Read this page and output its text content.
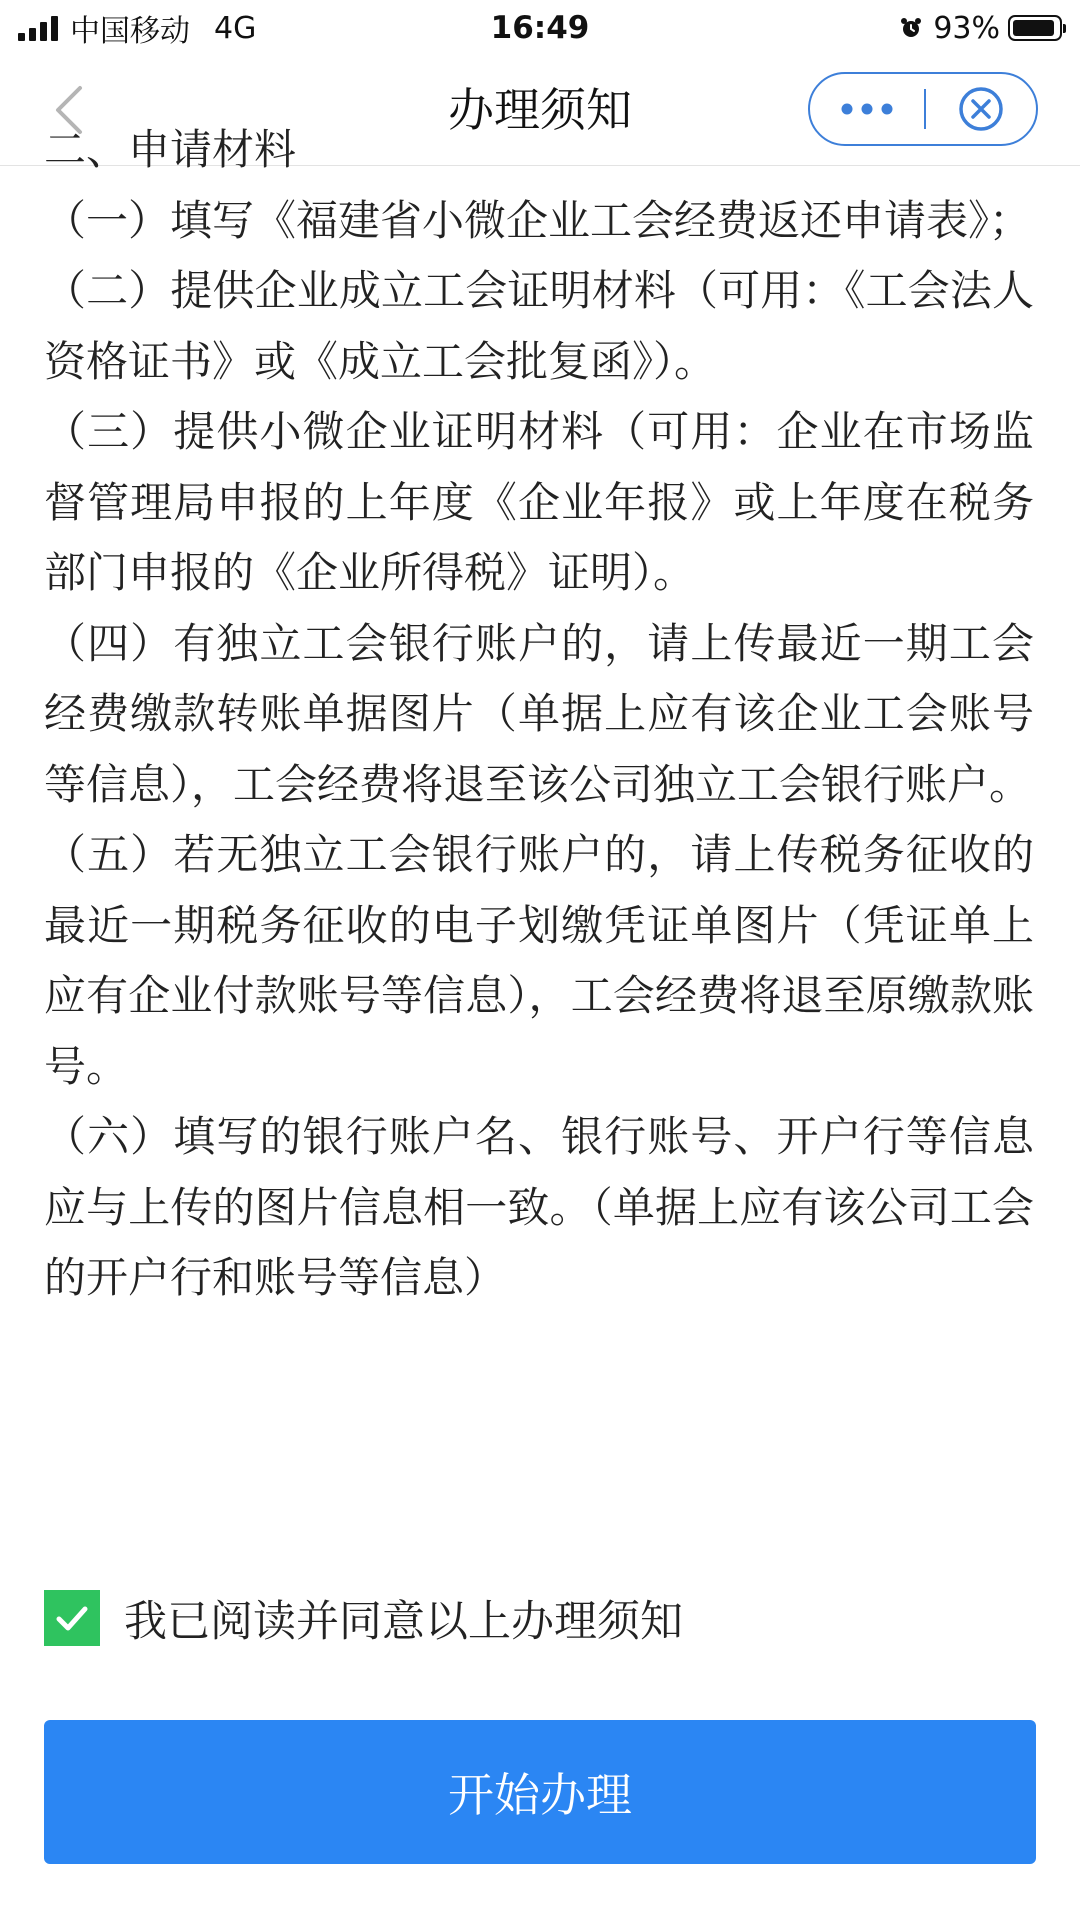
中国移动 4G	16:49	93%
办理须知

二、申请材料

（一）填写《福建省小微企业工会经费返还申请表》；

（二）提供企业成立工会证明材料（可用：《工会法人资格证书》或《成立工会批复函》）。

（三）提供小微企业证明材料（可用：企业在市场监督管理局申报的上年度《企业年报》或上年度在税务部门申报的《企业所得税》证明）。

（四）有独立工会银行账户的，请上传最近一期工会经费缴款转账单据图片（单据上应有该企业工会账号等信息），工会经费将退至该公司独立工会银行账户。

（五）若无独立工会银行账户的，请上传税务征收的最近一期税务征收的电子划缴凭证单图片（凭证单上应有企业付款账号等信息），工会经费将退至原缴款账号。

（六）填写的银行账户名、银行账号、开户行等信息应与上传的图片信息相一致。（单据上应有该公司工会的开户行和账号等信息）

我已阅读并同意以上办理须知
开始办理
